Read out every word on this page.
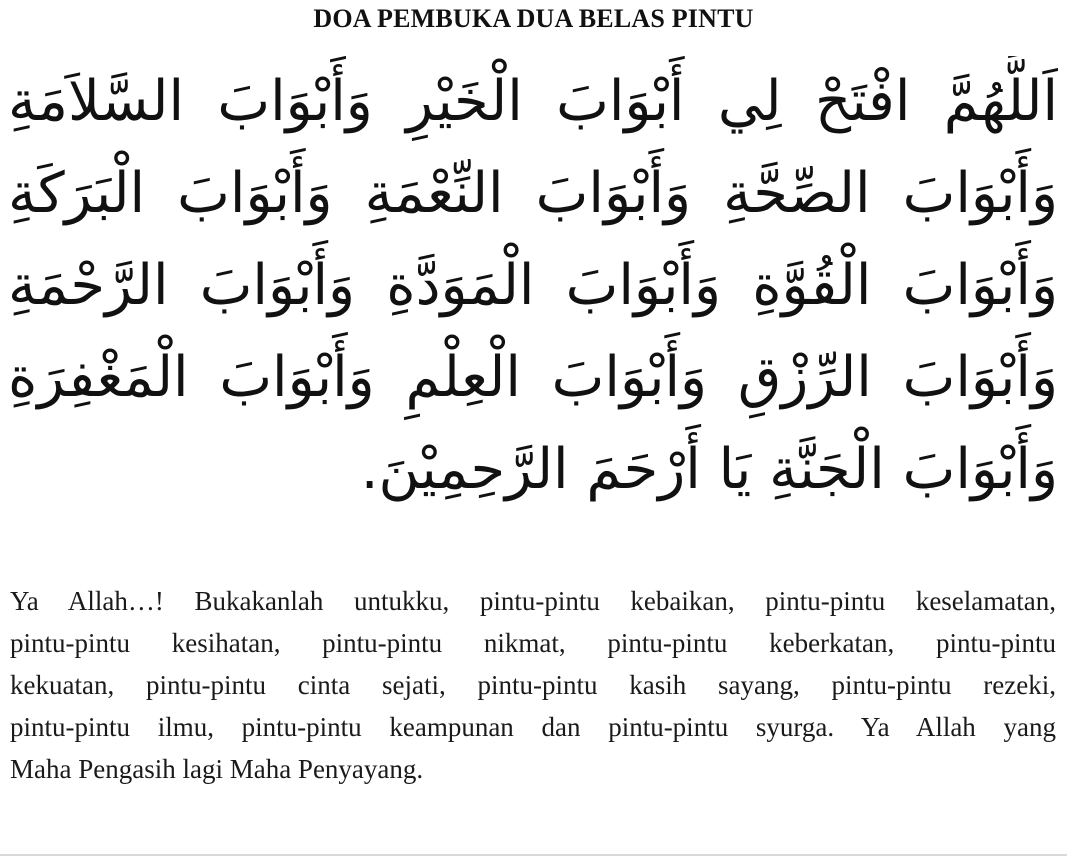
DOA PEMBUKA DUA BELAS PINTU
اَللَّهُمَّ افْتَحْ لِي أَبْوَابَ الْخَيْرِ وَأَبْوَابَ السَّلاَمَةِ
وَأَبْوَابَ الصِّحَّةِ وَأَبْوَابَ النِّعْمَةِ وَأَبْوَابَ الْبَرَكَةِ
وَأَبْوَابَ الْقُوَّةِ وَأَبْوَابَ الْمَوَدَّةِ وَأَبْوَابَ الرَّحْمَةِ
وَأَبْوَابَ الرِّزْقِ وَأَبْوَابَ الْعِلْمِ وَأَبْوَابَ الْمَغْفِرَةِ
وَأَبْوَابَ الْجَنَّةِ يَا أَرْحَمَ الرَّحِمِيْنَ.
Ya Allah…! Bukakanlah untukku, pintu-pintu kebaikan, pintu-pintu keselamatan,
pintu-pintu kesihatan, pintu-pintu nikmat, pintu-pintu keberkatan, pintu-pintu
kekuatan, pintu-pintu cinta sejati, pintu-pintu kasih sayang, pintu-pintu rezeki,
pintu-pintu ilmu, pintu-pintu keampunan dan pintu-pintu syurga. Ya Allah yang
Maha Pengasih lagi Maha Penyayang.
